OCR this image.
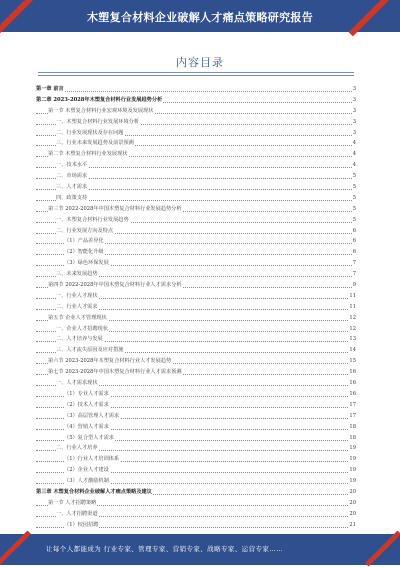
木塑复合材料企业破解人才痛点策略研究报告
内容目录
第一章 前言	3
第二章 2023-2028年木塑复合材料行业发展趋势分析	3
第一节 木塑复合材料行业宏观环境及发展现状	3
一、木塑复合材料行业发展环境分析	3
二、行业发展现状及存在问题	3
三、行业未来发展趋势及前景预测	4
第二节 木塑复合材料行业发展现状	4
一、技术水平	4
二、市场需求	5
三、人才需求	5
四、政策支持	5
第三节 2022-2028年中国木塑复合材料行业发展趋势分析	5
一、木塑复合材料行业发展趋势	5
二、行业发展方向及特点	6
（1）产品差异化	6
（2）智能化升级	6
（3）绿色环保发展	7
三、未来发展趋势	7
第四节 2022-2028年中国木塑复合材料行业人才需求分析	9
一、行业人才现状	11
二、行业人才需求	11
第五节 企业人才管理现状	12
一、企业人才招聘现状	12
二、人才培养与发展	13
三、人才流失原因及应对措施	14
第六节 2023-2028年木塑复合材料行业人才发展趋势	15
第七节 2023-2028年中国木塑复合材料行业人才需求预测	16
一、人才需求现状	16
（1）专业人才需求	16
（2）技术人才需求	17
（3）高层管理人才需求	17
（4）营销人才需求	18
（5）复合型人才需求	18
二、行业人才培养	19
（1）行业人才培训体系	19
（2）企业人才建设	19
（3）人才激励机制	19
第三章 木塑复合材料企业破解人才痛点策略及建议	20
第一节 人才招聘策略	20
一、人才招聘渠道	20
（1）校园招聘	21
让每个人都能成为 行业专家、管理专家、营销专家、战略专家、运营专家……
